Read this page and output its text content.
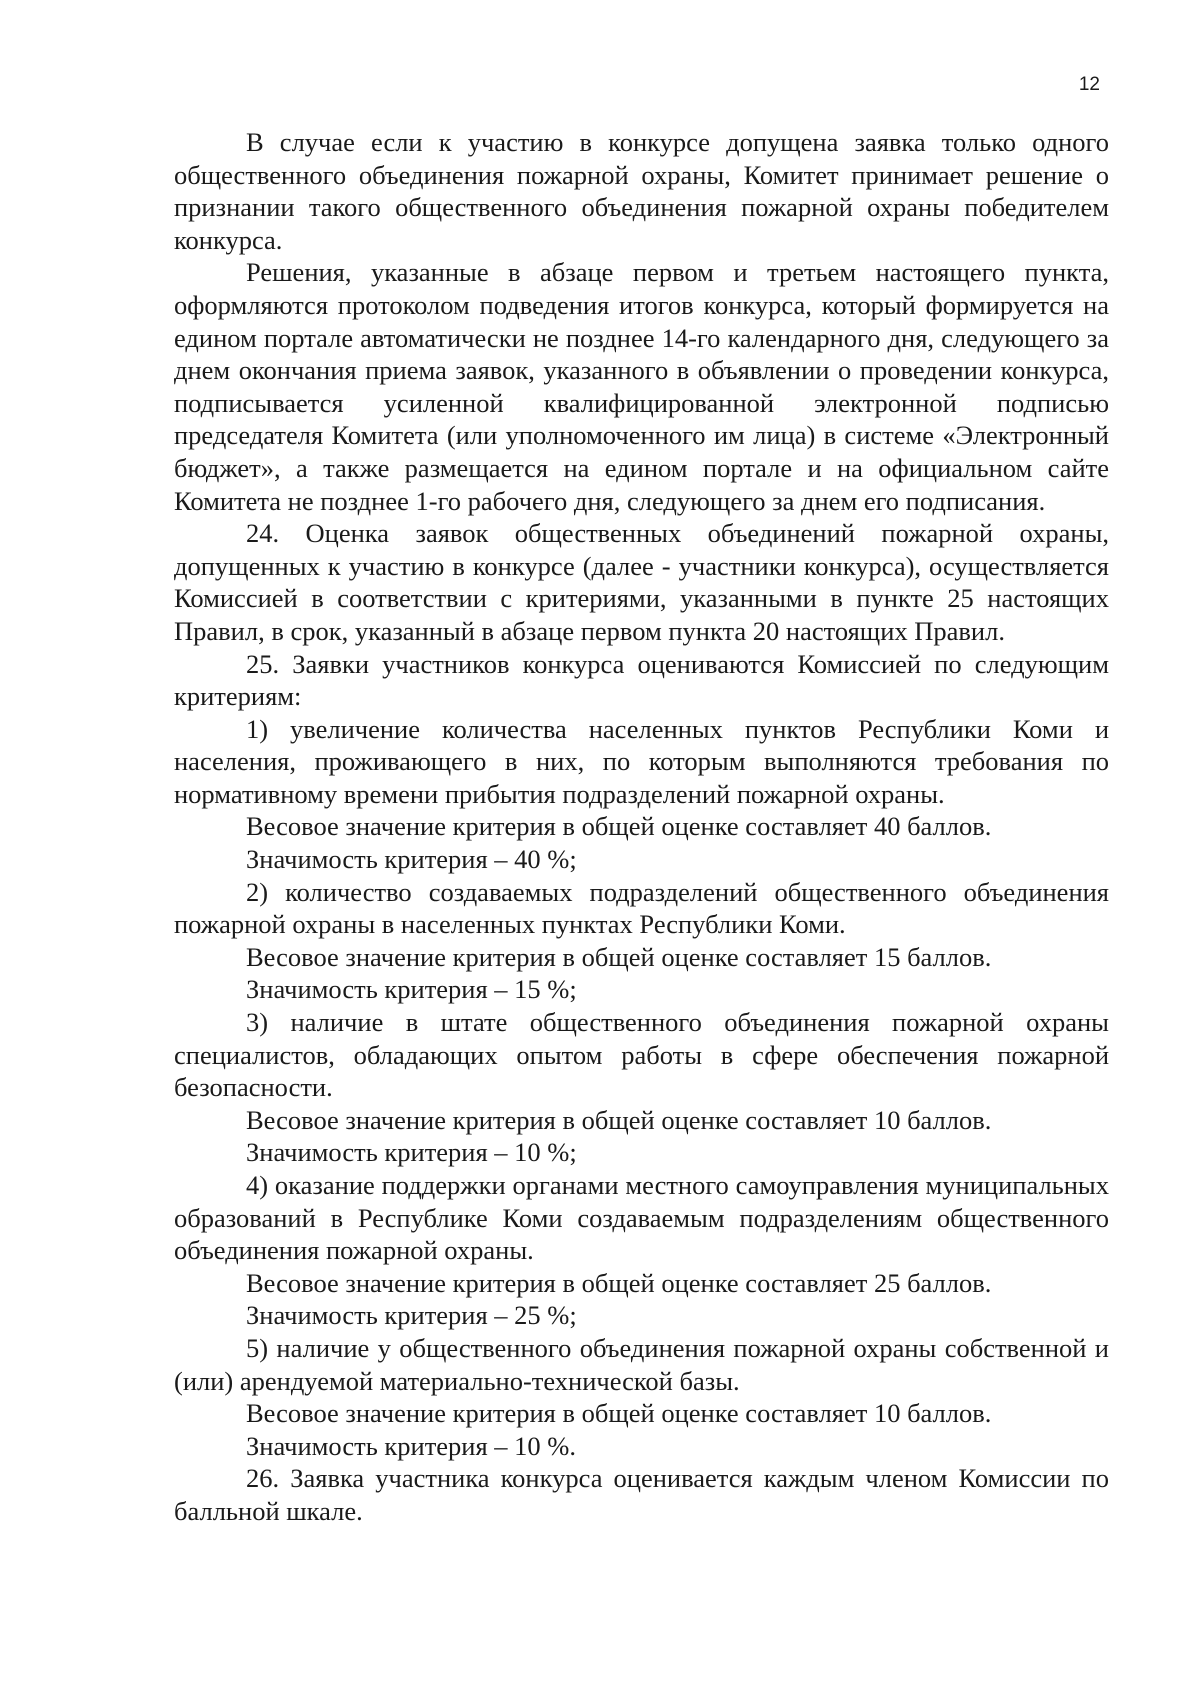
12

В случае если к участию в конкурсе допущена заявка только одного общественного объединения пожарной охраны, Комитет принимает решение о признании такого общественного объединения пожарной охраны победителем конкурса.

Решения, указанные в абзаце первом и третьем настоящего пункта, оформляются протоколом подведения итогов конкурса, который формируется на едином портале автоматически не позднее 14-го календарного дня, следующего за днем окончания приема заявок, указанного в объявлении о проведении конкурса, подписывается усиленной квалифицированной электронной подписью председателя Комитета (или уполномоченного им лица) в системе «Электронный бюджет», а также размещается на едином портале и на официальном сайте Комитета не позднее 1-го рабочего дня, следующего за днем его подписания.

24. Оценка заявок общественных объединений пожарной охраны, допущенных к участию в конкурсе (далее - участники конкурса), осуществляется Комиссией в соответствии с критериями, указанными в пункте 25 настоящих Правил, в срок, указанный в абзаце первом пункта 20 настоящих Правил.

25. Заявки участников конкурса оцениваются Комиссией по следующим критериям:

1) увеличение количества населенных пунктов Республики Коми и населения, проживающего в них, по которым выполняются требования по нормативному времени прибытия подразделений пожарной охраны.

Весовое значение критерия в общей оценке составляет 40 баллов.

Значимость критерия – 40 %;

2) количество создаваемых подразделений общественного объединения пожарной охраны в населенных пунктах Республики Коми.

Весовое значение критерия в общей оценке составляет 15 баллов.

Значимость критерия – 15 %;

3) наличие в штате общественного объединения пожарной охраны специалистов, обладающих опытом работы в сфере обеспечения пожарной безопасности.

Весовое значение критерия в общей оценке составляет 10 баллов.

Значимость критерия – 10 %;

4) оказание поддержки органами местного самоуправления муниципальных образований в Республике Коми создаваемым подразделениям общественного объединения пожарной охраны.

Весовое значение критерия в общей оценке составляет 25 баллов.

Значимость критерия – 25 %;

5) наличие у общественного объединения пожарной охраны собственной и (или) арендуемой материально-технической базы.

Весовое значение критерия в общей оценке составляет 10 баллов.

Значимость критерия – 10 %.

26. Заявка участника конкурса оценивается каждым членом Комиссии по балльной шкале.
